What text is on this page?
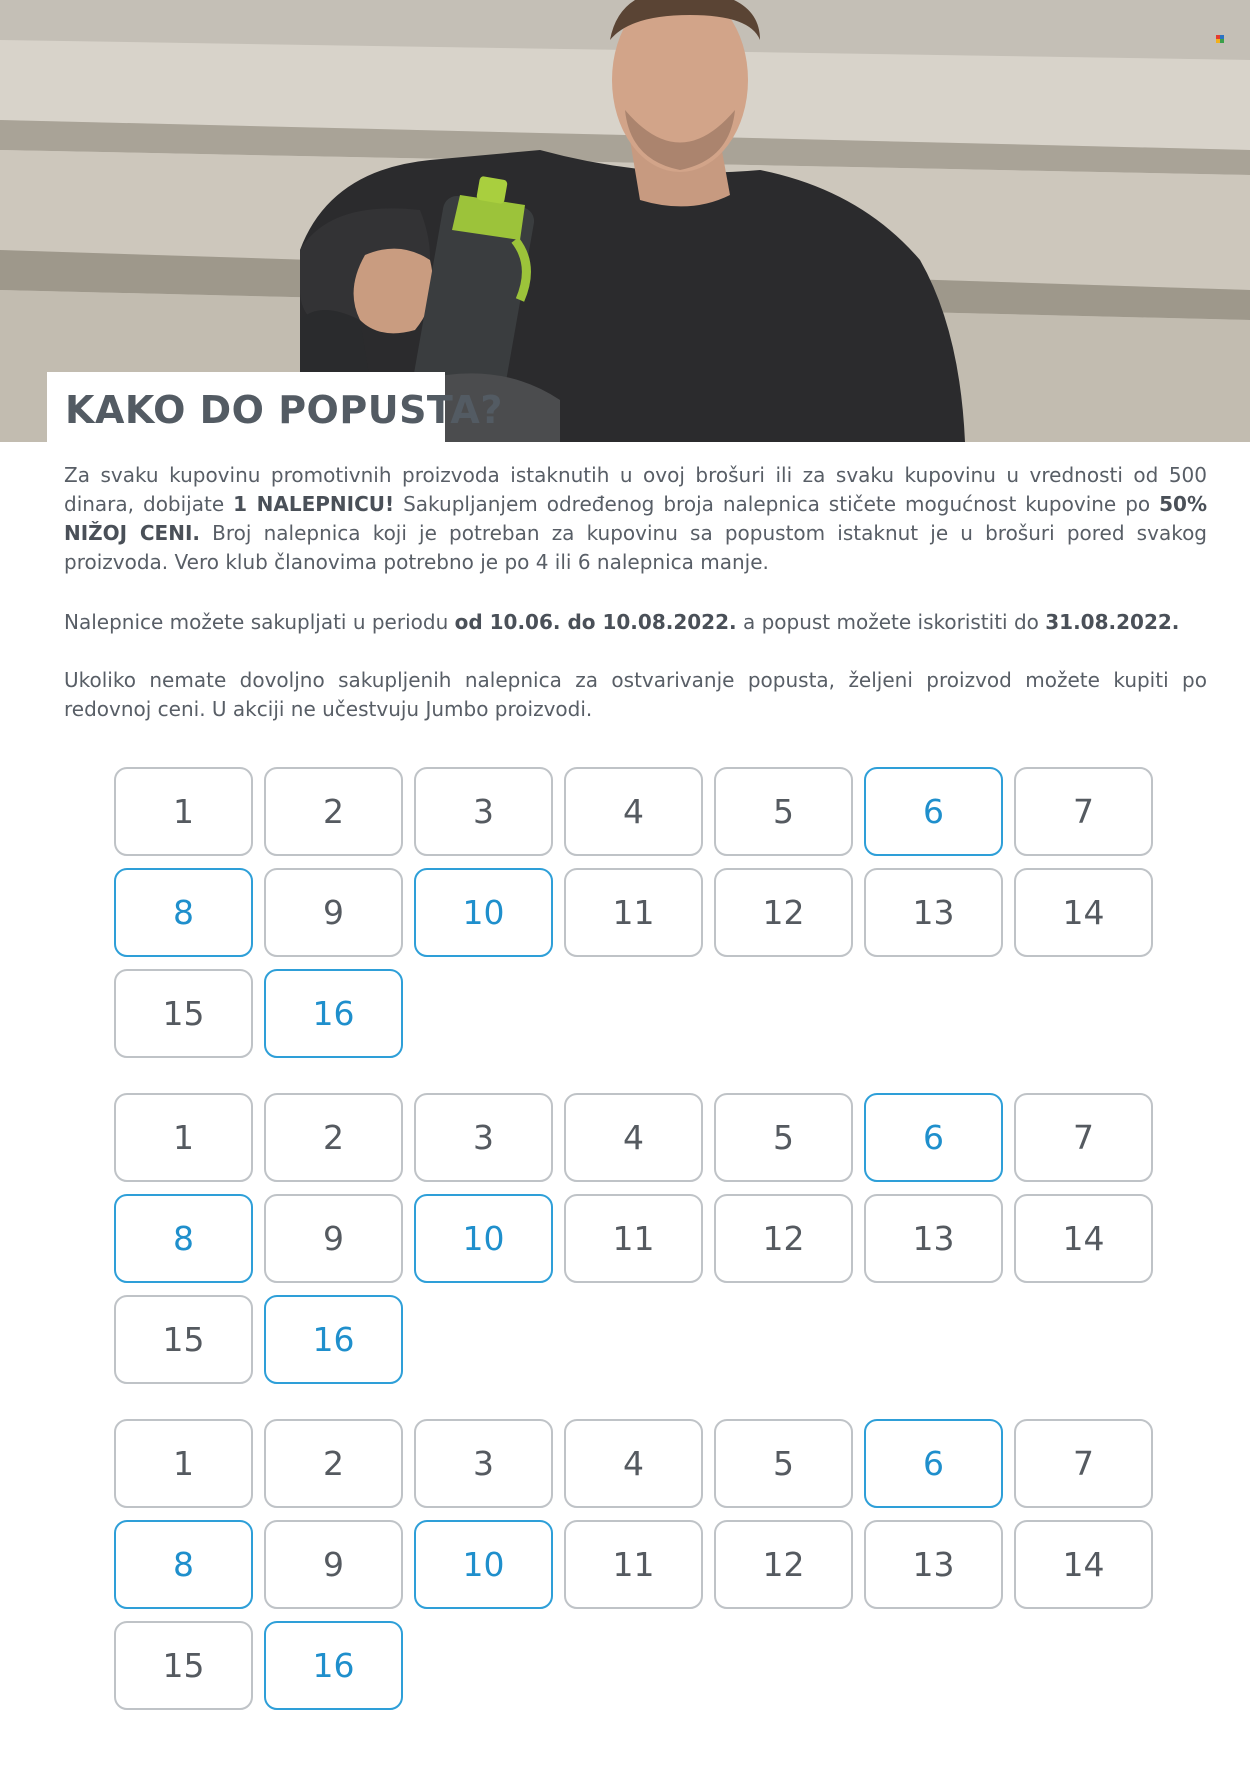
KAKO DO POPUSTA?
Za svaku kupovinu promotivnih proizvoda istaknutih u ovoj brošuri ili za svaku kupovinu u vrednosti od 500 dinara, dobijate 1 NALEPNICU! Sakupljanjem određenog broja nalepnica stičete mogućnost kupovine po 50% NIŽOJ CENI. Broj nalepnica koji je potreban za kupovinu sa popustom istaknut je u brošuri pored svakog proizvoda. Vero klub članovima potrebno je po 4 ili 6 nalepnica manje.
Nalepnice možete sakupljati u periodu od 10.06. do 10.08.2022. a popust možete iskoristiti do 31.08.2022.
Ukoliko nemate dovoljno sakupljenih nalepnica za ostvarivanje popusta, željeni proizvod možete kupiti po redovnoj ceni. U akciji ne učestvuju Jumbo proizvodi.
1	2	3	4	5	6	7
8	9	10	11	12	13	14
15	16
1	2	3	4	5	6	7
8	9	10	11	12	13	14
15	16
1	2	3	4	5	6	7
8	9	10	11	12	13	14
15	16
